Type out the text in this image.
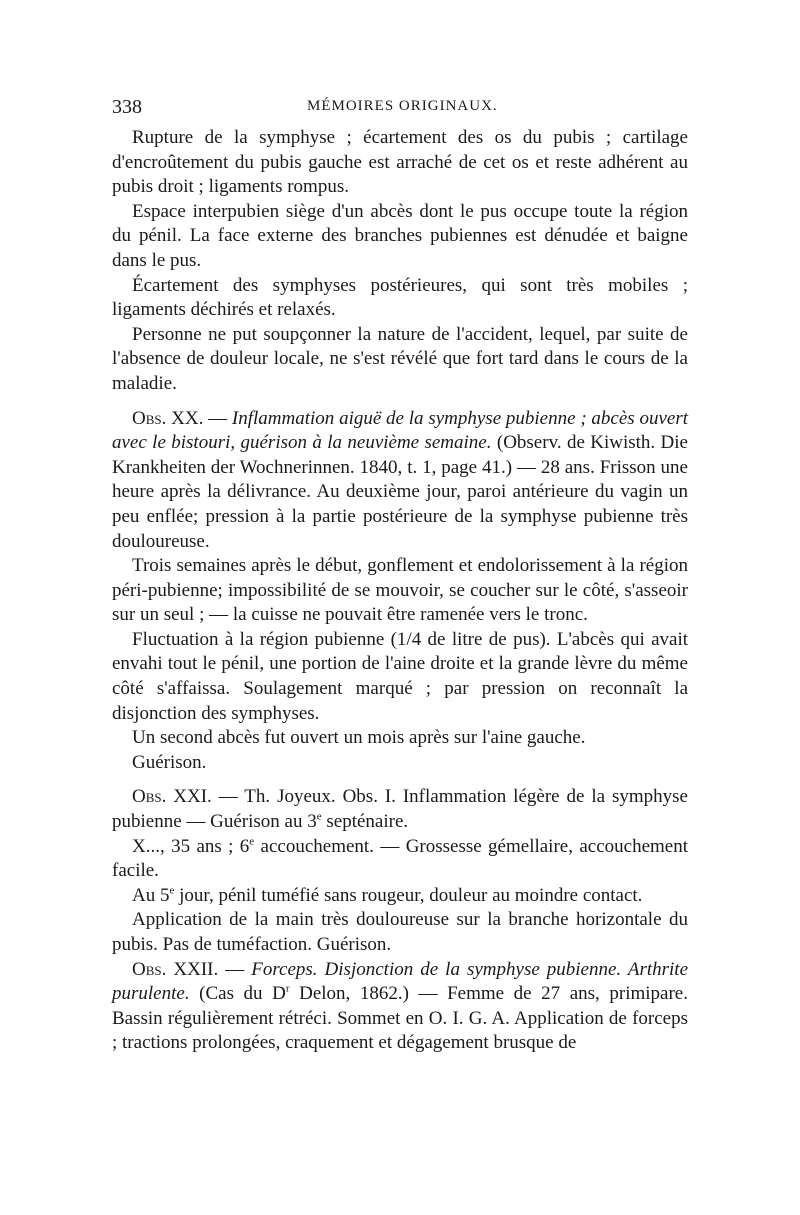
338	MÉMOIRES ORIGINAUX.

Rupture de la symphyse ; écartement des os du pubis ; cartilage d'encroûtement du pubis gauche est arraché de cet os et reste adhérent au pubis droit ; ligaments rompus.

Espace interpubien siège d'un abcès dont le pus occupe toute la région du pénil. La face externe des branches pubiennes est dénudée et baigne dans le pus.

Écartement des symphyses postérieures, qui sont très mobiles ; ligaments déchirés et relaxés.

Personne ne put soupçonner la nature de l'accident, lequel, par suite de l'absence de douleur locale, ne s'est révélé que fort tard dans le cours de la maladie.

Obs. XX. — Inflammation aiguë de la symphyse pubienne ; abcès ouvert avec le bistouri, guérison à la neuvième semaine. (Observ. de Kiwisth. Die Krankheiten der Wochnerinnen. 1840, t. 1, page 41.) — 28 ans. Frisson une heure après la délivrance. Au deuxième jour, paroi antérieure du vagin un peu enflée; pression à la partie postérieure de la symphyse pubienne très douloureuse.

Trois semaines après le début, gonflement et endolorissement à la région péri-pubienne; impossibilité de se mouvoir, se coucher sur le côté, s'asseoir sur un seul ; — la cuisse ne pouvait être ramenée vers le tronc.

Fluctuation à la région pubienne (1/4 de litre de pus). L'abcès qui avait envahi tout le pénil, une portion de l'aine droite et la grande lèvre du même côté s'affaissa. Soulagement marqué ; par pression on reconnaît la disjonction des symphyses.

Un second abcès fut ouvert un mois après sur l'aine gauche.

Guérison.

Obs. XXI. — Th. Joyeux. Obs. I. Inflammation légère de la symphyse pubienne — Guérison au 3e septénaire.

X..., 35 ans ; 6e accouchement. — Grossesse gémellaire, accouchement facile.

Au 5e jour, pénil tuméfié sans rougeur, douleur au moindre contact.

Application de la main très douloureuse sur la branche horizontale du pubis. Pas de tuméfaction. Guérison.

Obs. XXII. — Forceps. Disjonction de la symphyse pubienne. Arthrite purulente. (Cas du $D^r$ Delon, 1862.) — Femme de 27 ans, primipare. Bassin régulièrement rétréci. Sommet en O. I. G. A. Application de forceps ; tractions prolongées, craquement et dégagement brusque de
